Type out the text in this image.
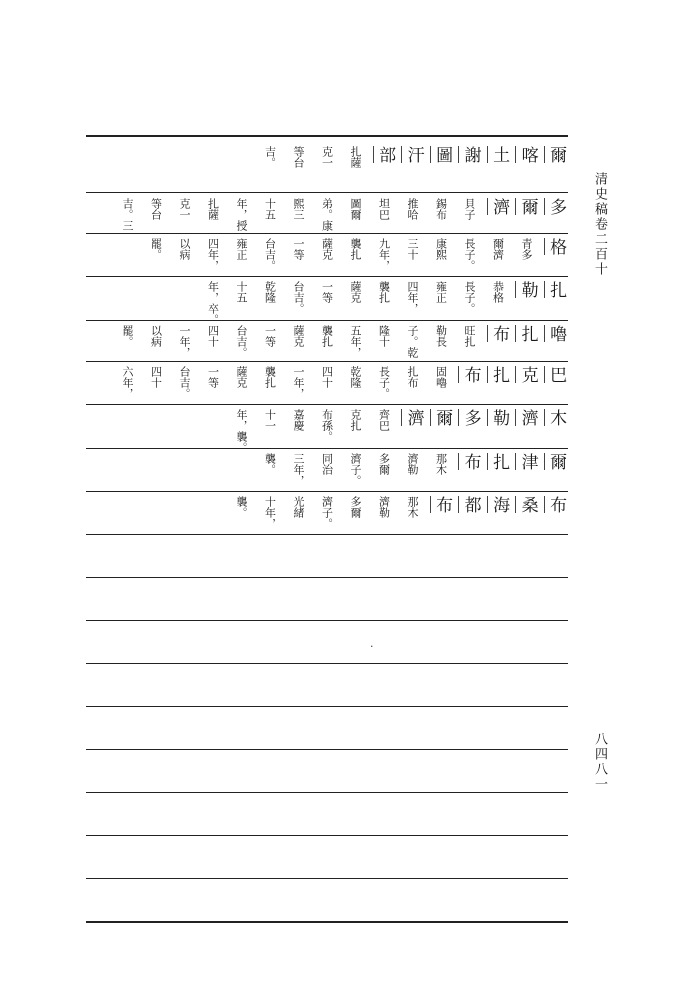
爾
喀
土
謝
圖
汗
部
扎薩
克一
等台
吉。
多
爾
濟
貝子
錫布
推哈
坦巴
圖爾
弟。康
熙三
十五
年，授
扎薩
克一
等台
吉。三
格
青多
爾濟
長子。
康熙
三十
九年，
襲扎
薩克
一等
台吉。
雍正
四年，
以病
罷。
扎
勒
恭格
長子。
雍正
四年，
襲扎
薩克
一等
台吉。
乾隆
十五
年，卒。
嚕
扎
布
旺扎
勒長
子。乾
隆十
五年，
襲扎
薩克
一等
台吉。
四十
一年，
以病
罷。
巴
克
扎
布
固嚕
扎布
長子。
乾隆
四十
一年，
襲扎
薩克
一等
台吉。
四十
六年，
木
濟
勒
多
爾
濟
齊巴
克扎
布孫。
嘉慶
十一
年，襲。
爾
津
扎
布
那木
濟勒
多爾
濟子。
同治
三年，
襲。
布
桑
海
都
布
那木
濟勒
多爾
濟子。
光緒
十年，
襲。
·
清史稿卷二百十
八四八一
